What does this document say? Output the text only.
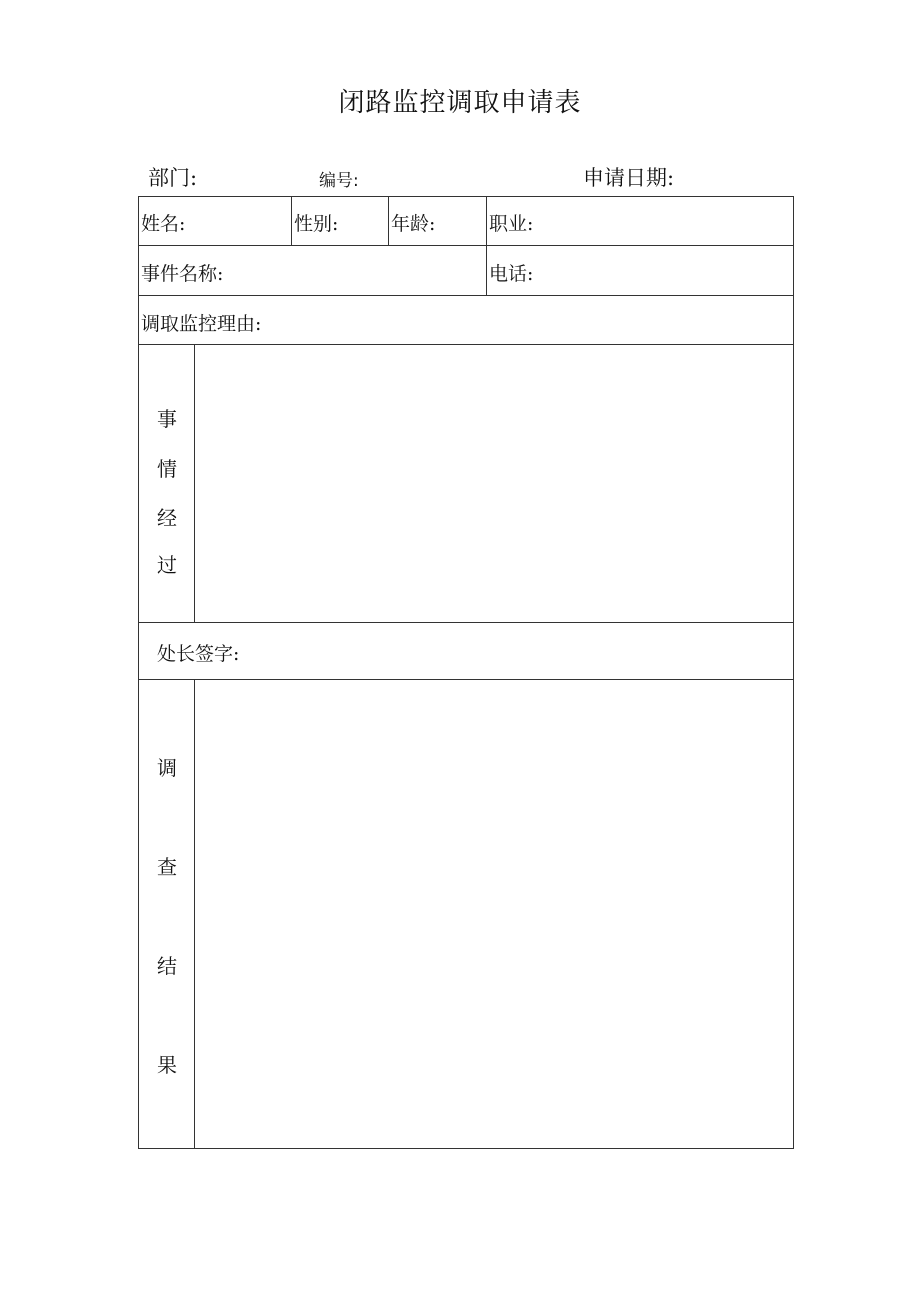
闭路监控调取申请表
部门:	编号:	申请日期:
姓名:	性别:	年龄:	职业:
事件名称:	电话:
调取监控理由:
事
情
经
过
处长签字:
调
查
结
果
